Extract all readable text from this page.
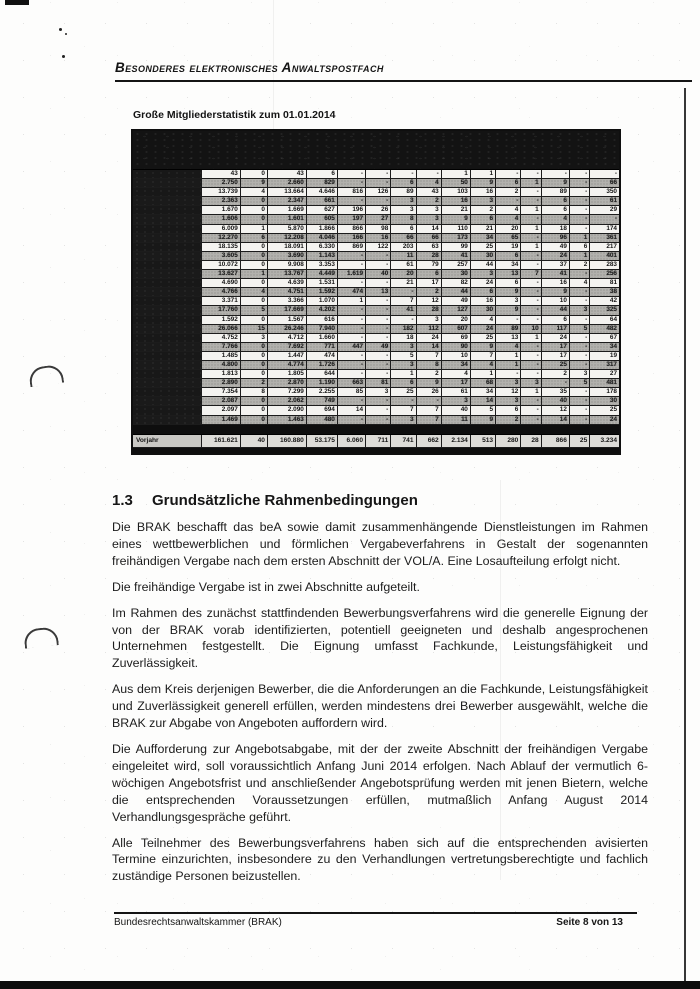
Besonderes elektronisches Anwaltspostfach
Große Mitgliederstatistik zum 01.01.2014

	43	0	43	6	-	-	-	-	1	1	-	-	-	-	-
	2.750	9	2.660	829	-	-	6	4	50	9	6	1	9	-	66
	13.739	4	13.664	4.646	816	126	89	43	103	16	2	-	89	-	350
	2.363	0	2.347	661	-	-	3	2	16	3	-	-	6	-	61
	1.670	0	1.669	627	196	26	3	3	21	2	4	1	6	-	29
	1.606	0	1.601	605	197	27	8	3	9	6	4	-	4	-	-
	6.009	1	5.870	1.866	866	98	6	14	110	21	20	1	18	-	174
	12.270	6	12.208	4.046	166	16	66	66	173	34	65	-	96	1	361
	18.135	0	18.091	6.330	869	122	203	63	99	25	19	1	49	6	217
	3.605	0	3.690	1.143	-	-	11	28	41	30	6	-	24	1	401
	10.072	0	9.908	3.353	-	-	61	79	257	44	34	-	37	2	283
	13.627	1	13.767	4.449	1.619	40	20	6	30	3	13	7	41	-	256
	4.690	0	4.639	1.531	-	-	21	17	82	24	6	-	16	4	81
	4.766	4	4.751	1.592	474	13	-	2	44	6	9	-	9	-	38
	3.371	0	3.366	1.070	1	-	7	12	49	16	3	-	10	-	42
	17.760	5	17.669	4.202	-	-	41	28	127	30	9	-	44	3	325
	1.592	0	1.567	616	-	-	-	3	20	4	-	-	6	-	64
	26.066	15	26.246	7.940	-	-	182	112	607	24	89	10	117	5	482
	4.752	3	4.712	1.660	-	-	18	24	69	25	13	1	24	-	67
	7.766	0	7.692	771	447	49	3	14	90	9	4	-	17	-	34
	1.485	0	1.447	474	-	-	5	7	10	7	1	-	17	-	19
	4.800	0	4.774	1.726	-	-	3	8	34	4	1	-	25	-	317
	1.813	0	1.805	644	-	-	1	2	4	1	-	-	2	3	27
	2.890	2	2.870	1.190	663	81	6	9	17	68	3	3	-	5	481
	7.354	8	7.299	2.255	85	3	25	26	61	34	12	1	35	-	178
	2.087	0	2.062	749	-	-	-	-	3	14	3	-	40	-	30
	2.097	0	2.090	694	14	-	7	7	40	5	6	-	12	-	25
	1.469	0	1.463	480	-	-	3	7	11	9	2	-	14	-	24

Vorjahr	161.621	40	160.880	53.175	6.060	711	741	662	2.134	513	280	28	866	25	3.234

1.3 Grundsätzliche Rahmenbedingungen

Die BRAK beschafft das beA sowie damit zusammenhängende Dienstleistungen im Rahmen eines wettbewerblichen und förmlichen Vergabeverfahrens in Gestalt der sogenannten freihändigen Vergabe nach dem ersten Abschnitt der VOL/A. Eine Losaufteilung erfolgt nicht.

Die freihändige Vergabe ist in zwei Abschnitte aufgeteilt.

Im Rahmen des zunächst stattfindenden Bewerbungsverfahrens wird die generelle Eignung der von der BRAK vorab identifizierten, potentiell geeigneten und deshalb angesprochenen Unternehmen festgestellt. Die Eignung umfasst Fachkunde, Leistungsfähigkeit und Zuverlässigkeit.

Aus dem Kreis derjenigen Bewerber, die die Anforderungen an die Fachkunde, Leistungsfähigkeit und Zuverlässigkeit generell erfüllen, werden mindestens drei Bewerber ausgewählt, welche die BRAK zur Abgabe von Angeboten auffordern wird.

Die Aufforderung zur Angebotsabgabe, mit der der zweite Abschnitt der freihändigen Vergabe eingeleitet wird, soll voraussichtlich Anfang Juni 2014 erfolgen. Nach Ablauf der vermutlich 6-wöchigen Angebotsfrist und anschließender Angebotsprüfung werden mit jenen Bietern, welche die entsprechenden Voraussetzungen erfüllen, mutmaßlich Anfang August 2014 Verhandlungsgespräche geführt.

Alle Teilnehmer des Bewerbungsverfahrens haben sich auf die entsprechenden avisierten Termine einzurichten, insbesondere zu den Verhandlungen vertretungsberechtigte und fachlich zuständige Personen beizustellen.

Bundesrechtsanwaltskammer (BRAK)	Seite 8 von 13
